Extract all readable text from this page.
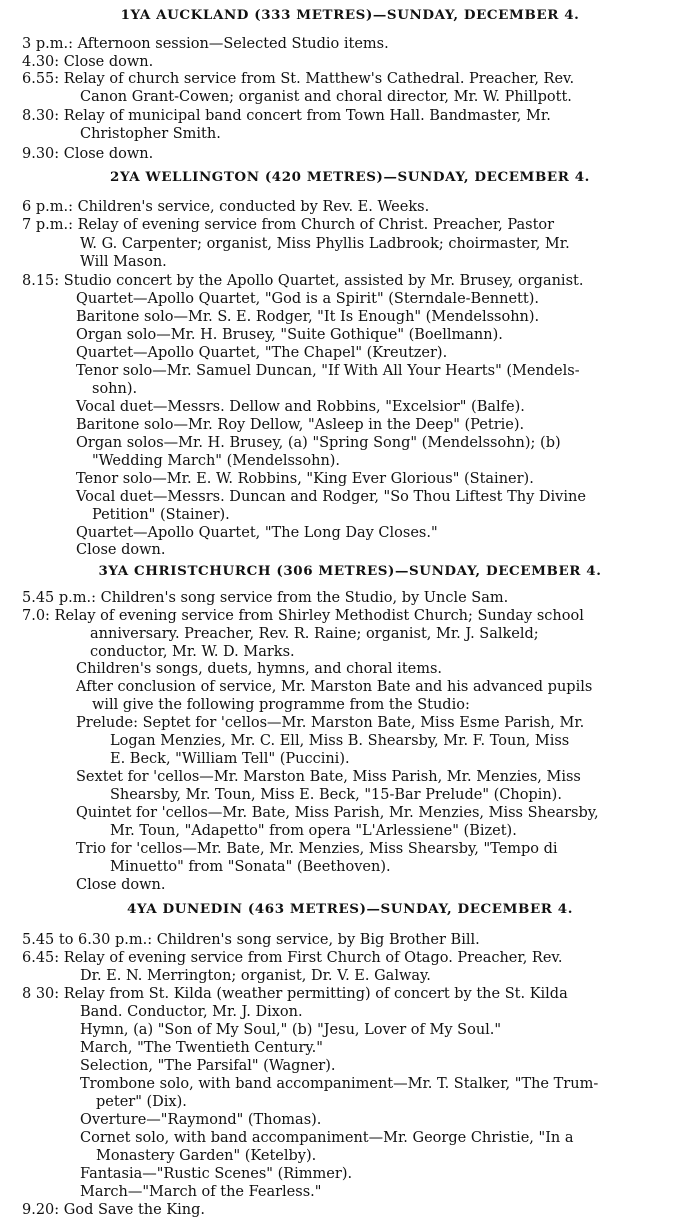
1YA AUCKLAND (333 METRES)—SUNDAY, DECEMBER 4.
3 p.m.: Afternoon session—Selected Studio items.
4.30: Close down.
6.55: Relay of church service from St. Matthew's Cathedral. Preacher, Rev.
Canon Grant-Cowen; organist and choral director, Mr. W. Phillpott.
8.30: Relay of municipal band concert from Town Hall. Bandmaster, Mr.
Christopher Smith.
9.30: Close down.
2YA WELLINGTON (420 METRES)—SUNDAY, DECEMBER 4.
6 p.m.: Children's service, conducted by Rev. E. Weeks.
7 p.m.: Relay of evening service from Church of Christ. Preacher, Pastor
W. G. Carpenter; organist, Miss Phyllis Ladbrook; choirmaster, Mr.
Will Mason.
8.15: Studio concert by the Apollo Quartet, assisted by Mr. Brusey, organist.
Quartet—Apollo Quartet, "God is a Spirit" (Sterndale-Bennett).
Baritone solo—Mr. S. E. Rodger, "It Is Enough" (Mendelssohn).
Organ solo—Mr. H. Brusey, "Suite Gothique" (Boellmann).
Quartet—Apollo Quartet, "The Chapel" (Kreutzer).
Tenor solo—Mr. Samuel Duncan, "If With All Your Hearts" (Mendels-
sohn).
Vocal duet—Messrs. Dellow and Robbins, "Excelsior" (Balfe).
Baritone solo—Mr. Roy Dellow, "Asleep in the Deep" (Petrie).
Organ solos—Mr. H. Brusey, (a) "Spring Song" (Mendelssohn); (b)
"Wedding March" (Mendelssohn).
Tenor solo—Mr. E. W. Robbins, "King Ever Glorious" (Stainer).
Vocal duet—Messrs. Duncan and Rodger, "So Thou Liftest Thy Divine
Petition" (Stainer).
Quartet—Apollo Quartet, "The Long Day Closes."
Close down.
3YA CHRISTCHURCH (306 METRES)—SUNDAY, DECEMBER 4.
5.45 p.m.: Children's song service from the Studio, by Uncle Sam.
7.0: Relay of evening service from Shirley Methodist Church; Sunday school
anniversary. Preacher, Rev. R. Raine; organist, Mr. J. Salkeld;
conductor, Mr. W. D. Marks.
Children's songs, duets, hymns, and choral items.
After conclusion of service, Mr. Marston Bate and his advanced pupils
will give the following programme from the Studio:
Prelude: Septet for 'cellos—Mr. Marston Bate, Miss Esme Parish, Mr.
Logan Menzies, Mr. C. Ell, Miss B. Shearsby, Mr. F. Toun, Miss
E. Beck, "William Tell" (Puccini).
Sextet for 'cellos—Mr. Marston Bate, Miss Parish, Mr. Menzies, Miss
Shearsby, Mr. Toun, Miss E. Beck, "15-Bar Prelude" (Chopin).
Quintet for 'cellos—Mr. Bate, Miss Parish, Mr. Menzies, Miss Shearsby,
Mr. Toun, "Adapetto" from opera "L'Arlessiene" (Bizet).
Trio for 'cellos—Mr. Bate, Mr. Menzies, Miss Shearsby, "Tempo di
Minuetto" from "Sonata" (Beethoven).
Close down.
4YA DUNEDIN (463 METRES)—SUNDAY, DECEMBER 4.
5.45 to 6.30 p.m.: Children's song service, by Big Brother Bill.
6.45: Relay of evening service from First Church of Otago. Preacher, Rev.
Dr. E. N. Merrington; organist, Dr. V. E. Galway.
8 30: Relay from St. Kilda (weather permitting) of concert by the St. Kilda
Band. Conductor, Mr. J. Dixon.
Hymn, (a) "Son of My Soul," (b) "Jesu, Lover of My Soul."
March, "The Twentieth Century."
Selection, "The Parsifal" (Wagner).
Trombone solo, with band accompaniment—Mr. T. Stalker, "The Trum-
peter" (Dix).
Overture—"Raymond" (Thomas).
Cornet solo, with band accompaniment—Mr. George Christie, "In a
Monastery Garden" (Ketelby).
Fantasia—"Rustic Scenes" (Rimmer).
March—"March of the Fearless."
9.20: God Save the King.
